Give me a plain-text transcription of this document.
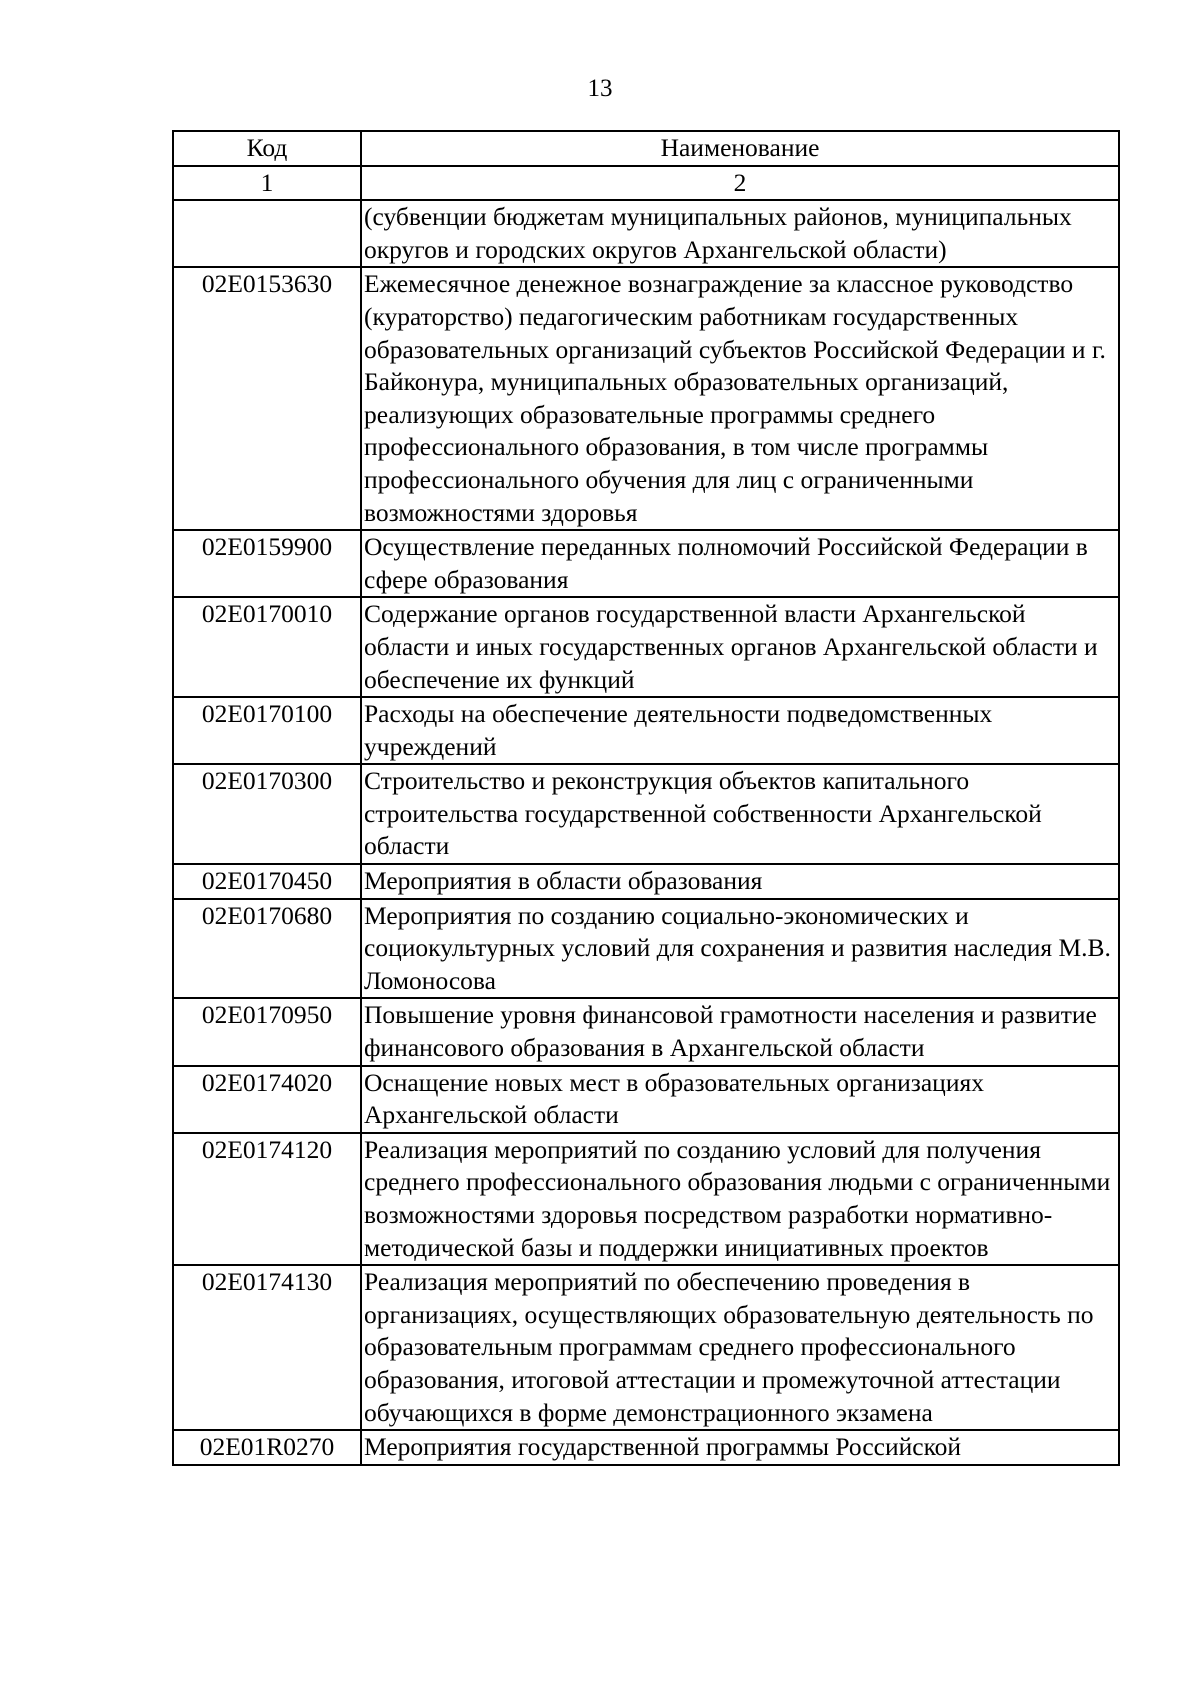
13
Код	Наименование
1	2
	(субвенции бюджетам муниципальных районов, муниципальных округов и городских округов Архангельской области)
02Е0153630	Ежемесячное денежное вознаграждение за классное руководство (кураторство) педагогическим работникам государственных образовательных организаций субъектов Российской Федерации и г. Байконура, муниципальных образовательных организаций, реализующих образовательные программы среднего профессионального образования, в том числе программы профессионального обучения для лиц с ограниченными возможностями здоровья
02Е0159900	Осуществление переданных полномочий Российской Федерации в сфере образования
02Е0170010	Содержание органов государственной власти Архангельской области и иных государственных органов Архангельской области и обеспечение их функций
02Е0170100	Расходы на обеспечение деятельности подведомственных учреждений
02Е0170300	Строительство и реконструкция объектов капитального строительства государственной собственности Архангельской области
02Е0170450	Мероприятия в области образования
02Е0170680	Мероприятия по созданию социально-экономических и социокультурных условий для сохранения и развития наследия М.В. Ломоносова
02Е0170950	Повышение уровня финансовой грамотности населения и развитие финансового образования в Архангельской области
02Е0174020	Оснащение новых мест в образовательных организациях Архангельской области
02Е0174120	Реализация мероприятий по созданию условий для получения среднего профессионального образования людьми с ограниченными возможностями здоровья посредством разработки нормативно-методической базы и поддержки инициативных проектов
02Е0174130	Реализация мероприятий по обеспечению проведения в организациях, осуществляющих образовательную деятельность по образовательным программам среднего профессионального образования, итоговой аттестации и промежуточной аттестации обучающихся в форме демонстрационного экзамена
02Е01R0270	Мероприятия государственной программы Российской
